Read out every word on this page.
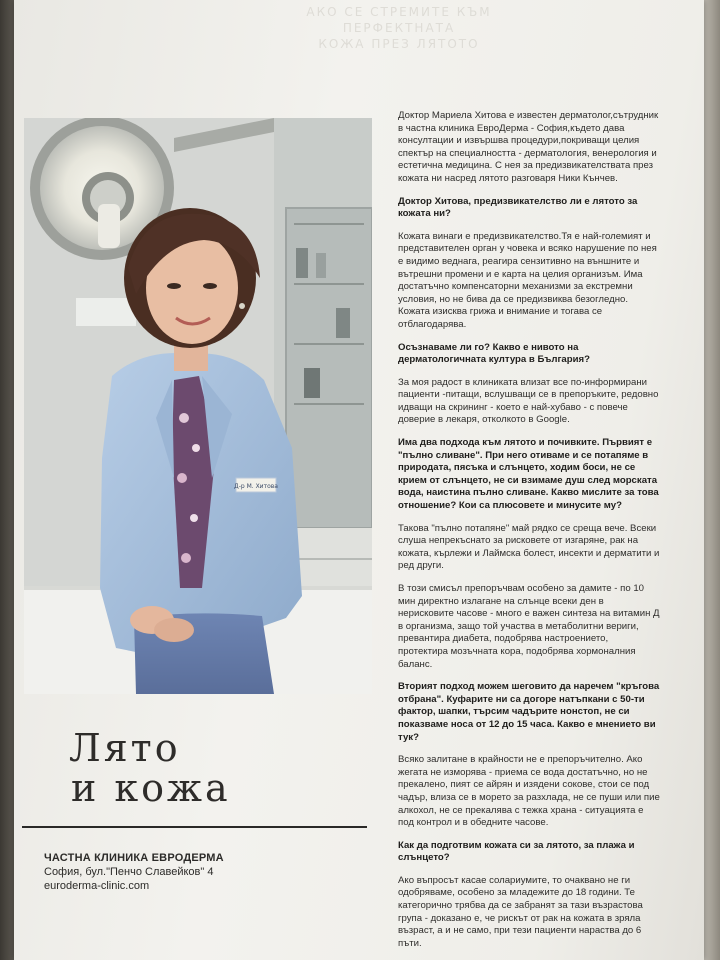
АКО СЕ СТРЕМИТЕ КЪМ ПЕРФЕКТНАТА
КОЖА ПРЕЗ ЛЯТОТО
Д-р М. Хитова
Лято
и кожа
ЧАСТНА КЛИНИКА ЕВРОДЕРМА
София, бул."Пенчо Славейков" 4
euroderma-clinic.com

Доктор Мариела Хитова е известен дерматолог,сътрудник в частна клиника ЕвроДерма - София,където дава консултации и извършва процедури,покриващи целия спектър на специалността - дерматология, венерология и естетична медицина. С нея за предизвикателствата през кожата ни насред лятото разговаря Ники Кънчев.

Доктор Хитова, предизвикателство ли е лятото за кожата ни?

Кожата винаги е предизвикателство.Тя е най-големият и представителен орган у човека и всяко нарушение по нея е видимо веднага, реагира сензитивно на външните и вътрешни промени и е карта на целия организъм. Има достатъчно компенсаторни механизми за екстремни условия, но не бива да се предизвиква безогледно. Кожата изисква грижа и внимание и тогава се отблагодарява.

Осъзнаваме ли го? Какво е нивото на дерматологичната култура в България?

За моя радост в клиниката влизат все по-информирани пациенти -питащи, вслушващи се в препоръките, редовно идващи на скрининг - което е най-хубаво - с повече доверие в лекаря, отколкото в Google.

Има два подхода към лятото и почивките. Първият е "пълно сливане". При него отиваме и се потапяме в природата, пясъка и слънцето, ходим боси, не се крием от слънцето, не си взимаме душ след морската вода, наистина пълно сливане. Какво мислите за това отношение? Кои са плюсовете и минусите му?

Такова "пълно потапяне" май рядко се среща вече. Всеки слуша непрекъснато за рисковете от изгаряне, рак на кожата, кърлежи и Лаймска болест, инсекти и дерматити и ред други.

В този смисъл препоръчвам особено за дамите - по 10 мин директно излагане на слънце всеки ден в нерисковите часове - много е важен синтеза на витамин Д в организма, защо той участва в метаболитни вериги, превантира диабета, подобрява настроението, протектира мозъчната кора, подобрява хормоналния баланс.

Вторият подход можем шеговито да наречем "кръгова отбрана". Куфарите ни са догоре натъпкани с 50-ти фактор, шапки, търсим чадърите нонстоп, не си показваме носа от 12 до 15 часа. Какво е мнението ви тук?

Всяко залитане в крайности не е препоръчително. Ако жегата не изморява - приема се вода достатъчно, но не прекалено, пият се айрян и изядени сокове, стои се под чадър, влиза се в морето за разхлада, не се пуши или пие алкохол, не се прекалява с тежка храна - ситуацията е под контрол и в обедните часове.

Как да подготвим кожата си за лятото, за плажа и слънцето?

Ако въпросът касае солариумите, то очаквано не ги одобряваме, особено за младежите до 18 години. Те категорично трябва да се забранят за тази възрастова група - доказано е, че рискът от рак на кожата в зряла възраст, а и не само, при тези пациенти нараства до 6 пъти.
